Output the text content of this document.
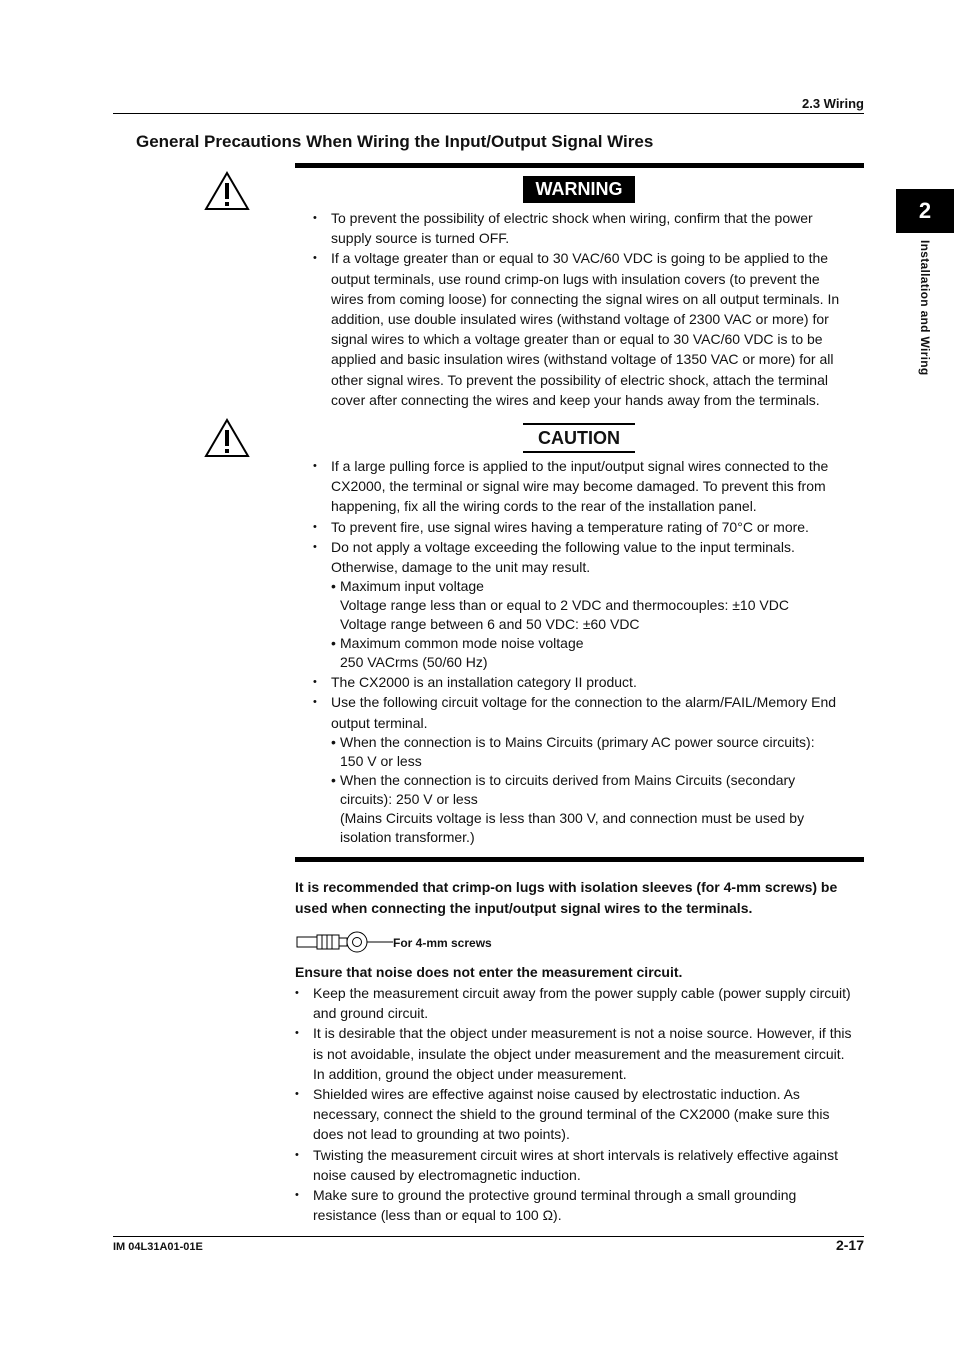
2.3 Wiring
General Precautions When Wiring the Input/Output Signal Wires
2
Installation and Wiring
WARNING
• To prevent the possibility of electric shock when wiring, confirm that the power supply source is turned OFF.
• If a voltage greater than or equal to 30 VAC/60 VDC is going to be applied to the output terminals, use round crimp-on lugs with insulation covers (to prevent the wires from coming loose) for connecting the signal wires on all output terminals. In addition, use double insulated wires (withstand voltage of 2300 VAC or more) for signal wires to which a voltage greater than or equal to 30 VAC/60 VDC is to be applied and basic insulation wires (withstand voltage of 1350 VAC or more) for all other signal wires. To prevent the possibility of electric shock, attach the terminal cover after connecting the wires and keep your hands away from the terminals.
CAUTION
• If a large pulling force is applied to the input/output signal wires connected to the CX2000, the terminal or signal wire may become damaged. To prevent this from happening, fix all the wiring cords to the rear of the installation panel.
• To prevent fire, use signal wires having a temperature rating of 70°C or more.
• Do not apply a voltage exceeding the following value to the input terminals. Otherwise, damage to the unit may result.
• Maximum input voltage
Voltage range less than or equal to 2 VDC and thermocouples: ±10 VDC
Voltage range between 6 and 50 VDC: ±60 VDC
• Maximum common mode noise voltage
250 VACrms (50/60 Hz)
• The CX2000 is an installation category II product.
• Use the following circuit voltage for the connection to the alarm/FAIL/Memory End output terminal.
• When the connection is to Mains Circuits (primary AC power source circuits):
150 V or less
• When the connection is to circuits derived from Mains Circuits (secondary
circuits): 250 V or less
(Mains Circuits voltage is less than 300 V, and connection must be used by
isolation transformer.)
It is recommended that crimp-on lugs with isolation sleeves (for 4-mm screws) be used when connecting the input/output signal wires to the terminals.
For 4-mm screws
Ensure that noise does not enter the measurement circuit.
• Keep the measurement circuit away from the power supply cable (power supply circuit) and ground circuit.
• It is desirable that the object under measurement is not a noise source. However, if this is not avoidable, insulate the object under measurement and the measurement circuit. In addition, ground the object under measurement.
• Shielded wires are effective against noise caused by electrostatic induction. As necessary, connect the shield to the ground terminal of the CX2000 (make sure this does not lead to grounding at two points).
• Twisting the measurement circuit wires at short intervals is relatively effective against noise caused by electromagnetic induction.
• Make sure to ground the protective ground terminal through a small grounding resistance (less than or equal to 100 Ω).
IM 04L31A01-01E	2-17
